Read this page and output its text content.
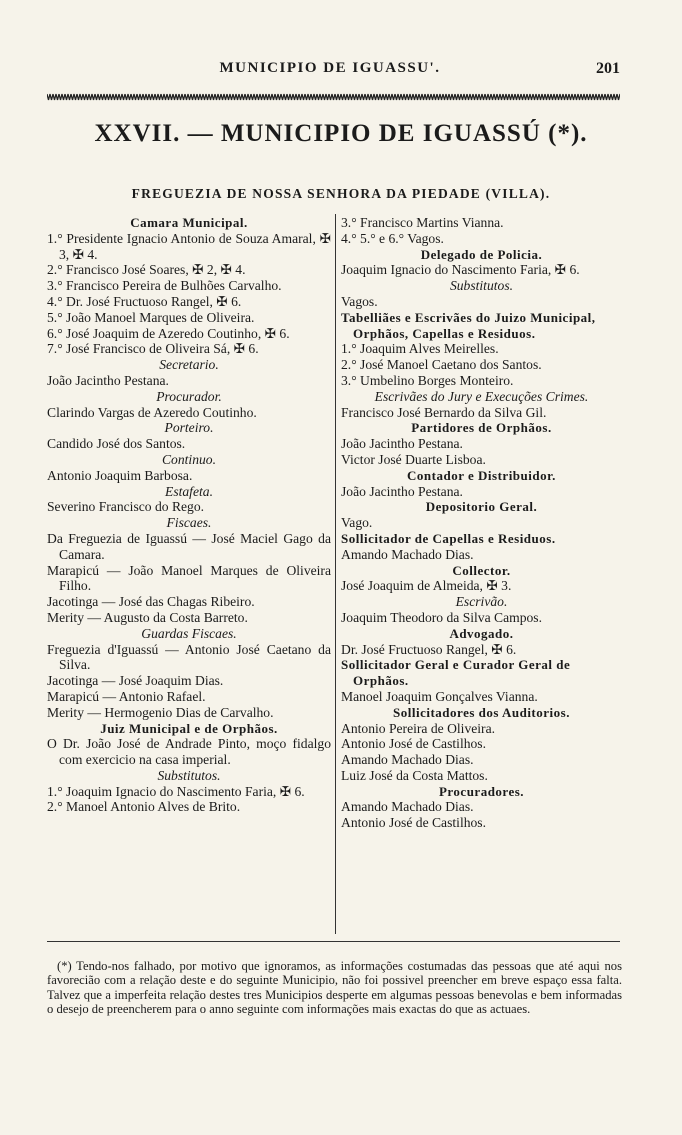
MUNICIPIO DE IGUASSU'.	201
XXVII. — MUNICIPIO DE IGUASSÚ (*).
FREGUEZIA DE NOSSA SENHORA DA PIEDADE (VILLA).

Camara Municipal.

1.° Presidente Ignacio Antonio de Souza Amaral, ✠ 3, ✠ 4.

2.° Francisco José Soares, ✠ 2, ✠ 4.

3.° Francisco Pereira de Bulhões Carvalho.

4.° Dr. José Fructuoso Rangel, ✠ 6.

5.° João Manoel Marques de Oliveira.

6.° José Joaquim de Azeredo Coutinho, ✠ 6.

7.° José Francisco de Oliveira Sá, ✠ 6.

Secretario.

João Jacintho Pestana.

Procurador.

Clarindo Vargas de Azeredo Coutinho.

Porteiro.

Candido José dos Santos.

Continuo.

Antonio Joaquim Barbosa.

Estafeta.

Severino Francisco do Rego.

Fiscaes.

Da Freguezia de Iguassú — José Maciel Gago da Camara.

Marapicú — João Manoel Marques de Oliveira Filho.

Jacotinga — José das Chagas Ribeiro.

Merity — Augusto da Costa Barreto.

Guardas Fiscaes.

Freguezia d'Iguassú — Antonio José Caetano da Silva.

Jacotinga — José Joaquim Dias.

Marapicú — Antonio Rafael.

Merity — Hermogenio Dias de Carvalho.

Juiz Municipal e de Orphãos.

O Dr. João José de Andrade Pinto, moço fidalgo com exercicio na casa imperial.

Substitutos.

1.° Joaquim Ignacio do Nascimento Faria, ✠ 6.

2.° Manoel Antonio Alves de Brito.

3.° Francisco Martins Vianna.

4.° 5.° e 6.° Vagos.

Delegado de Policia.

Joaquim Ignacio do Nascimento Faria, ✠ 6.

Substitutos.

Vagos.

Tabelliães e Escrivães do Juizo Municipal, Orphãos, Capellas e Residuos.

1.° Joaquim Alves Meirelles.

2.° José Manoel Caetano dos Santos.

3.° Umbelino Borges Monteiro.

Escrivães do Jury e Execuções Crimes.

Francisco José Bernardo da Silva Gil.

Partidores de Orphãos.

João Jacintho Pestana.

Victor José Duarte Lisboa.

Contador e Distribuidor.

João Jacintho Pestana.

Depositorio Geral.

Vago.

Sollicitador de Capellas e Residuos.

Amando Machado Dias.

Collector.

José Joaquim de Almeida, ✠ 3.

Escrivão.

Joaquim Theodoro da Silva Campos.

Advogado.

Dr. José Fructuoso Rangel, ✠ 6.

Sollicitador Geral e Curador Geral de Orphãos.

Manoel Joaquim Gonçalves Vianna.

Sollicitadores dos Auditorios.

Antonio Pereira de Oliveira.

Antonio José de Castilhos.

Amando Machado Dias.

Luiz José da Costa Mattos.

Procuradores.

Amando Machado Dias.

Antonio José de Castilhos.

(*) Tendo-nos falhado, por motivo que ignoramos, as informações costumadas das pessoas que até aqui nos favorecião com a relação deste e do seguinte Municipio, não foi possivel preencher em breve espaço essa falta. Talvez que a imperfeita relação destes tres Municipios desperte em algumas pessoas benevolas e bem informadas o desejo de preencherem para o anno seguinte com informações mais exactas do que as actuaes.
